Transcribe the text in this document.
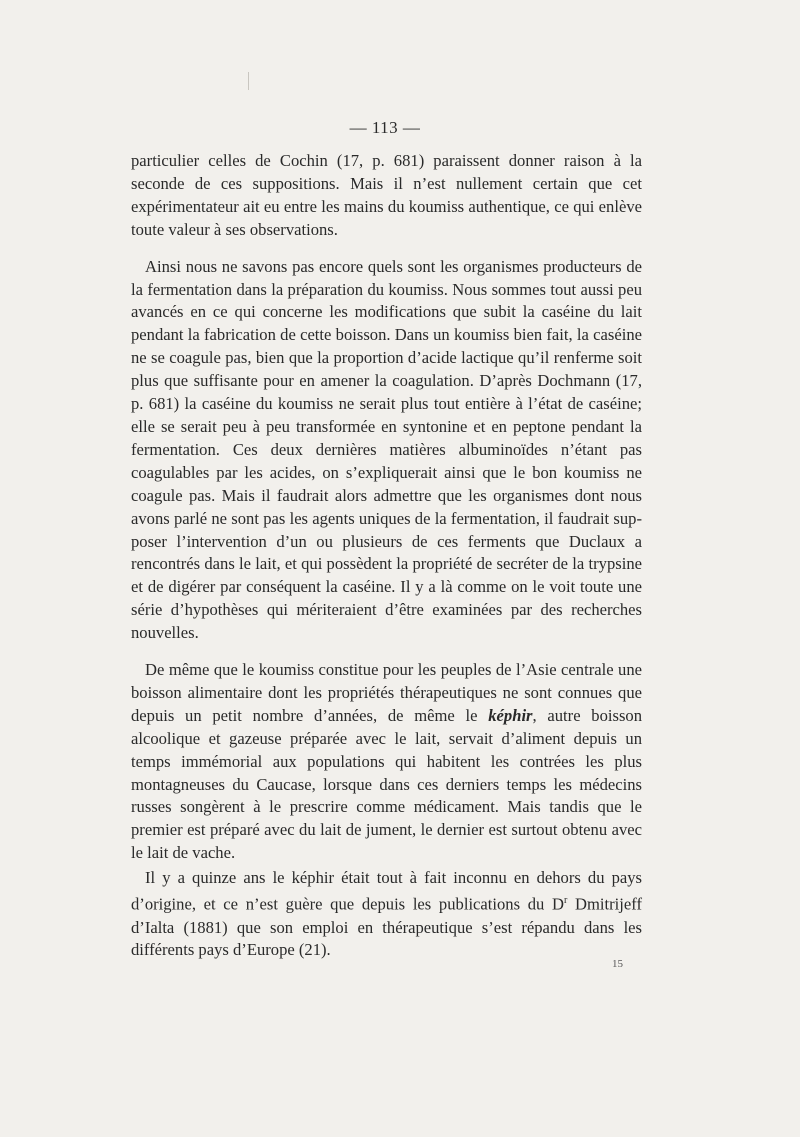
— 113 —

particulier celles de Cochin (17, p. 681) paraissent donner raison à la seconde de ces suppositions. Mais il n’est nullement certain que cet expérimentateur ait eu entre les mains du koumiss authentique, ce qui enlève toute valeur à ses observations.

Ainsi nous ne savons pas encore quels sont les organismes producteurs de la fermentation dans la préparation du koumiss. Nous sommes tout aussi peu avancés en ce qui concerne les modifications que subit la caséine du lait pendant la fabrication de cette boisson. Dans un koumiss bien fait, la caséine ne se coagule pas, bien que la proportion d’acide lactique qu’il renferme soit plus que suffisante pour en amener la coagulation. D’après Dochmann (17, p. 681) la caséine du koumiss ne serait plus tout entière à l’état de caséine; elle se serait peu à peu transformée en syntonine et en peptone pendant la fermentation. Ces deux dernières matières albuminoïdes n’étant pas coagulables par les acides, on s’expliquerait ainsi que le bon koumiss ne coagule pas. Mais il faudrait alors admettre que les organismes dont nous avons parlé ne sont pas les agents uniques de la fermentation, il faudrait supposer l’intervention d’un ou plusieurs de ces ferments que Duclaux a rencontrés dans le lait, et qui possèdent la propriété de secréter de la trypsine et de digérer par conséquent la caséine. Il y a là comme on le voit toute une série d’hypothèses qui mériteraient d’être examinées par des recherches nouvelles.

De même que le koumiss constitue pour les peuples de l’Asie centrale une boisson alimentaire dont les propriétés thérapeutiques ne sont connues que depuis un petit nombre d’années, de même le képhir, autre boisson alcoolique et gazeuse préparée avec le lait, servait d’aliment depuis un temps immémorial aux populations qui habitent les contrées les plus montagneuses du Caucase, lorsque dans ces derniers temps les médecins russes songèrent à le prescrire comme médicament. Mais tandis que le premier est préparé avec du lait de jument, le dernier est surtout obtenu avec le lait de vache.

Il y a quinze ans le képhir était tout à fait inconnu en dehors du pays d’origine, et ce n’est guère que depuis les publications du $D^r$ Dmitrijeff d’Ialta (1881) que son emploi en thérapeutique s’est répandu dans les différents pays d’Europe (21).

15
